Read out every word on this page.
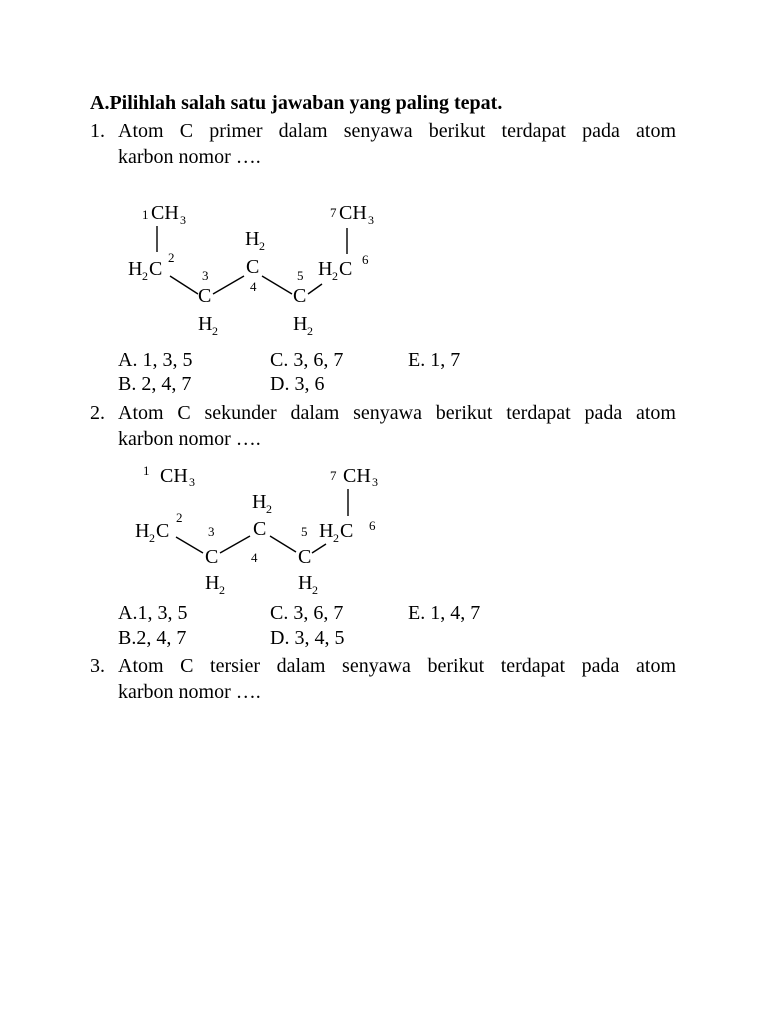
A.Pilihlah salah satu jawaban yang paling tepat.
1. Atom C primer dalam senyawa berikut terdapat pada atom
karbon nomor ….
1 CH 3
H 2 C
2
3
C
H 2
H 2
C
4
5
C
H 2
H 2 C 6
7 CH 3
A. 1, 3, 5	C. 3, 6, 7	E. 1, 7
B. 2, 4, 7	D. 3, 6
2. Atom C sekunder dalam senyawa berikut terdapat pada atom
karbon nomor ….
1 CH 3
H 2 C
2
3
C
H 2
H 2
C
4
5
C
H 2
H 2 C 6
7 CH 3
A.1, 3, 5	C. 3, 6, 7	E. 1, 4, 7
B.2, 4, 7	D. 3, 4, 5
3. Atom C tersier dalam senyawa berikut terdapat pada atom
karbon nomor ….
